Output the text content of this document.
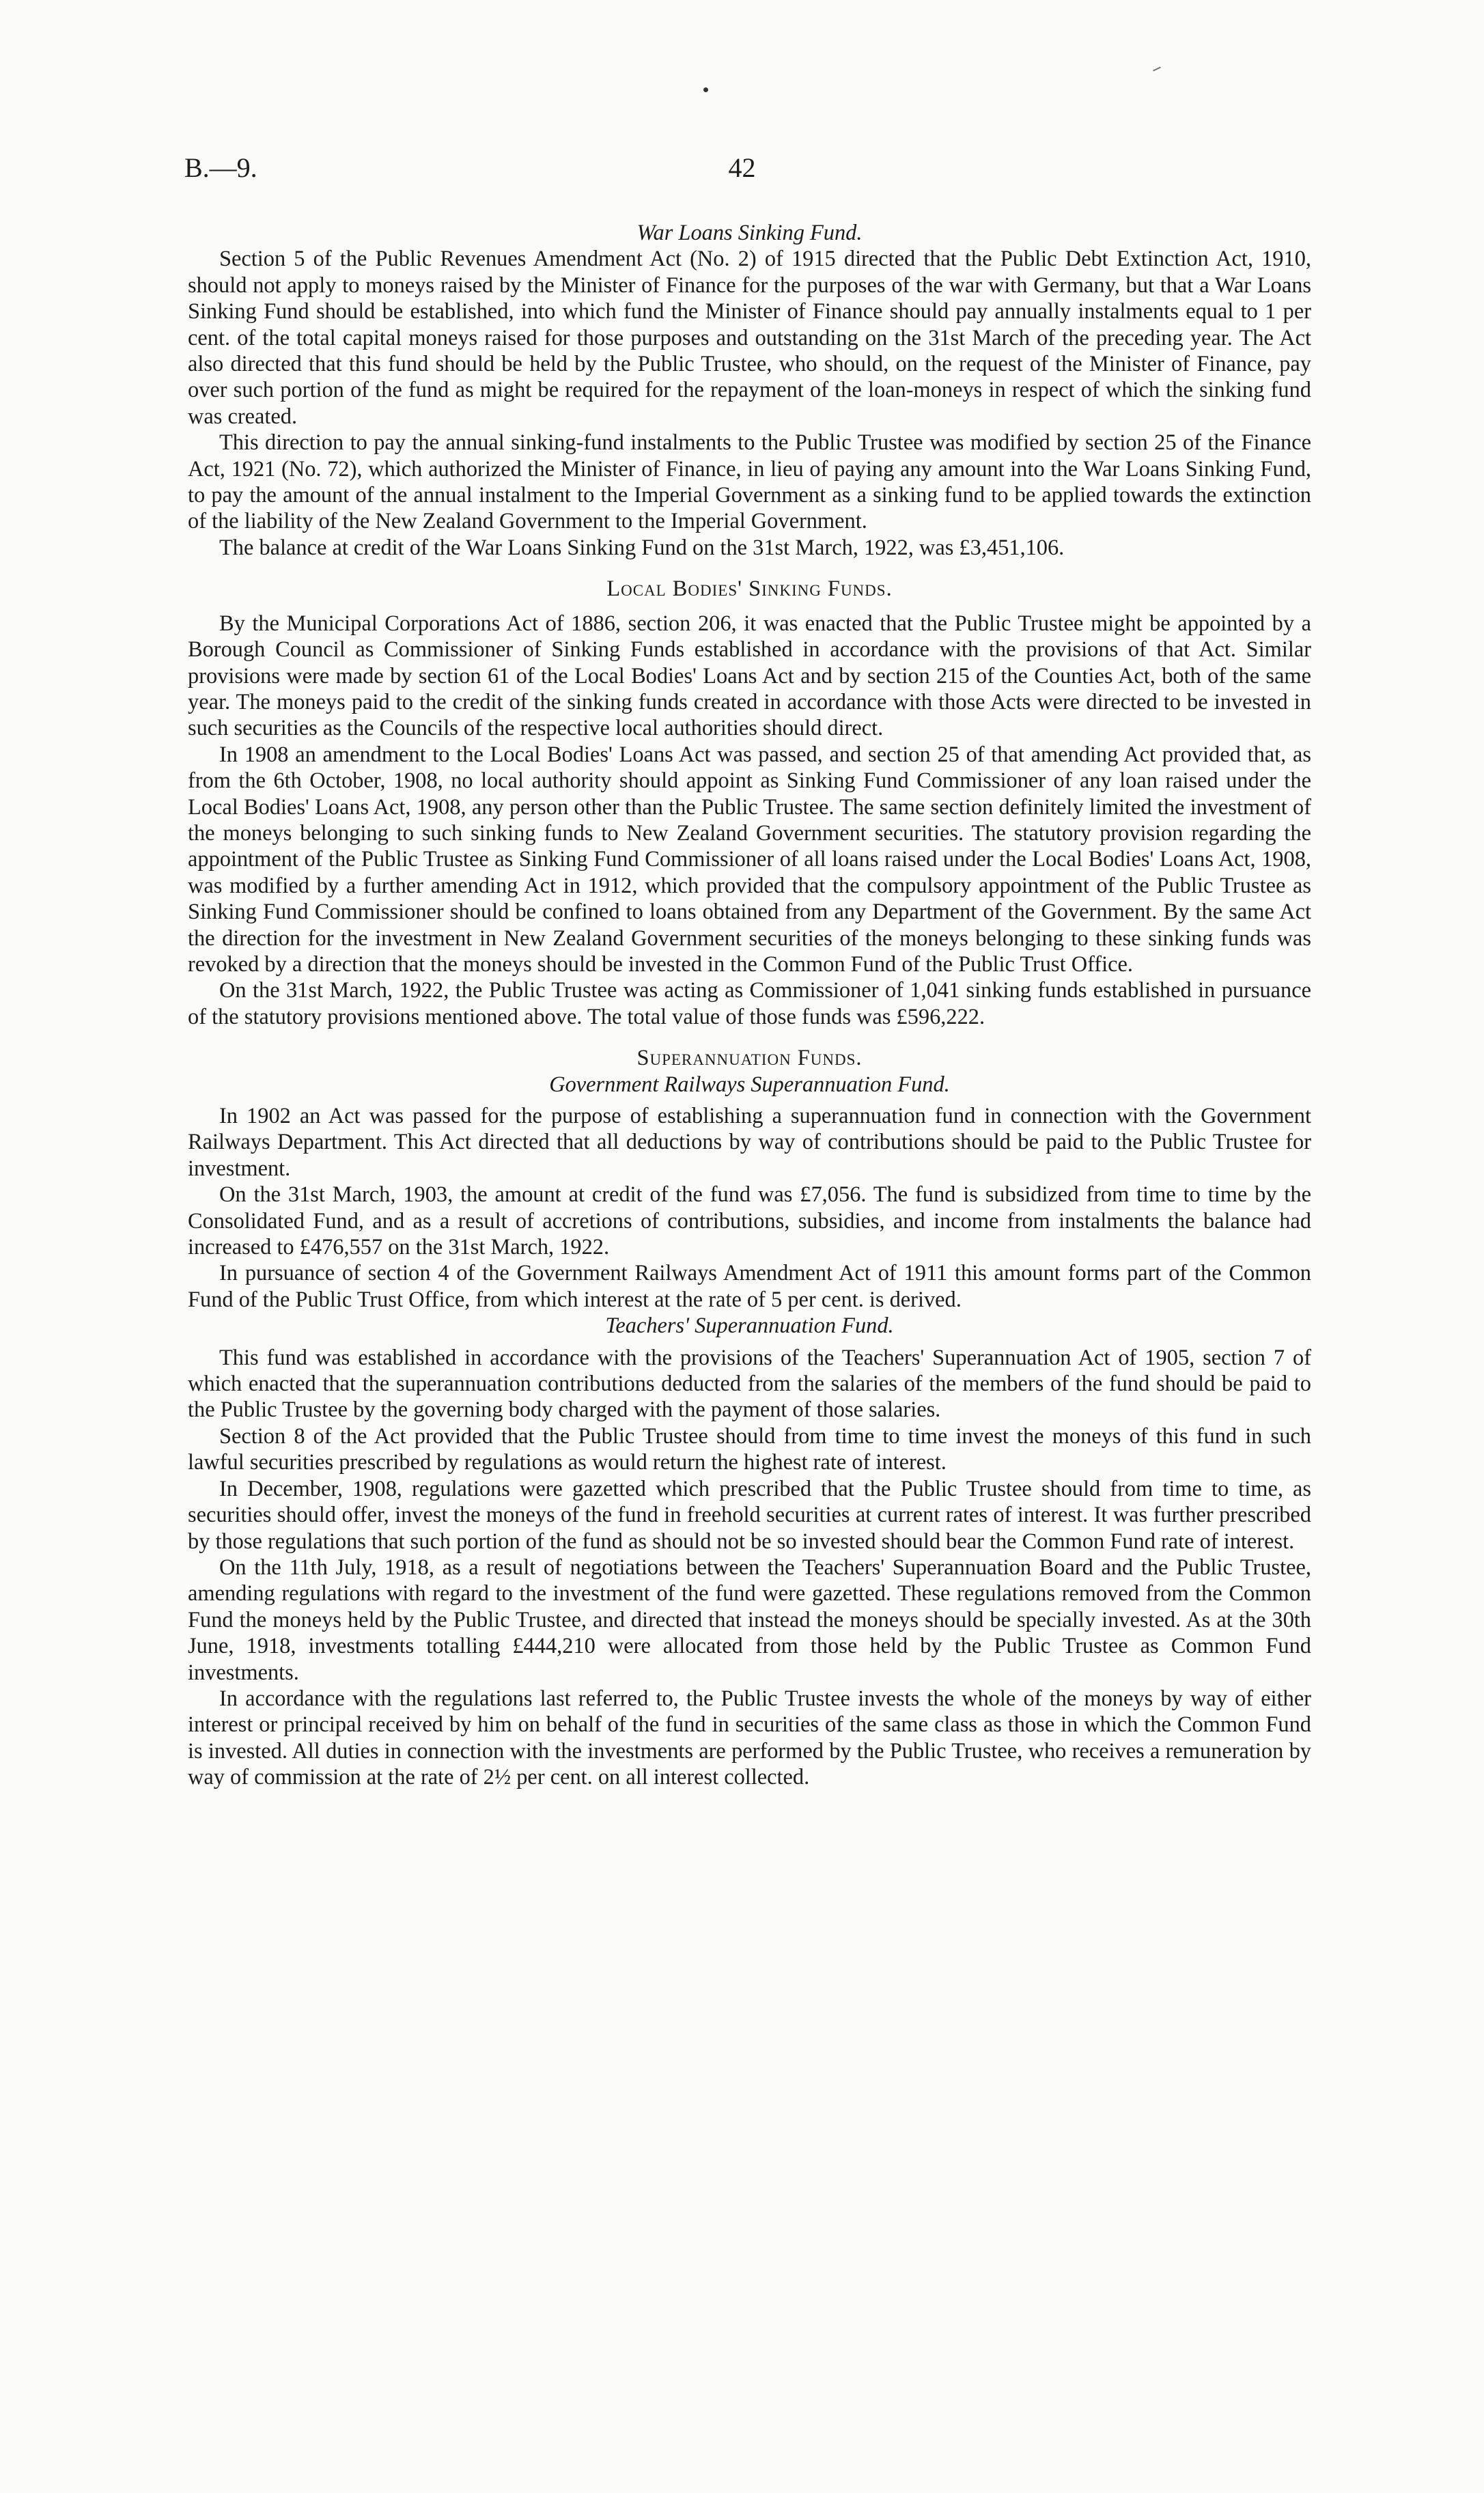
B.—9.	42
War Loans Sinking Fund.

Section 5 of the Public Revenues Amendment Act (No. 2) of 1915 directed that the Public Debt Extinction Act, 1910, should not apply to moneys raised by the Minister of Finance for the purposes of the war with Germany, but that a War Loans Sinking Fund should be established, into which fund the Minister of Finance should pay annually instalments equal to 1 per cent. of the total capital moneys raised for those purposes and outstanding on the 31st March of the preceding year. The Act also directed that this fund should be held by the Public Trustee, who should, on the request of the Minister of Finance, pay over such portion of the fund as might be required for the repayment of the loan-moneys in respect of which the sinking fund was created.

This direction to pay the annual sinking-fund instalments to the Public Trustee was modified by section 25 of the Finance Act, 1921 (No. 72), which authorized the Minister of Finance, in lieu of paying any amount into the War Loans Sinking Fund, to pay the amount of the annual instalment to the Imperial Government as a sinking fund to be applied towards the extinction of the liability of the New Zealand Government to the Imperial Government.

The balance at credit of the War Loans Sinking Fund on the 31st March, 1922, was £3,451,106.

Local Bodies' Sinking Funds.

By the Municipal Corporations Act of 1886, section 206, it was enacted that the Public Trustee might be appointed by a Borough Council as Commissioner of Sinking Funds established in accordance with the provisions of that Act. Similar provisions were made by section 61 of the Local Bodies' Loans Act and by section 215 of the Counties Act, both of the same year. The moneys paid to the credit of the sinking funds created in accordance with those Acts were directed to be invested in such securities as the Councils of the respective local authorities should direct.

In 1908 an amendment to the Local Bodies' Loans Act was passed, and section 25 of that amending Act provided that, as from the 6th October, 1908, no local authority should appoint as Sinking Fund Commissioner of any loan raised under the Local Bodies' Loans Act, 1908, any person other than the Public Trustee. The same section definitely limited the investment of the moneys belonging to such sinking funds to New Zealand Government securities. The statutory provision regarding the appointment of the Public Trustee as Sinking Fund Commissioner of all loans raised under the Local Bodies' Loans Act, 1908, was modified by a further amending Act in 1912, which provided that the compulsory appointment of the Public Trustee as Sinking Fund Commissioner should be confined to loans obtained from any Department of the Government. By the same Act the direction for the investment in New Zealand Government securities of the moneys belonging to these sinking funds was revoked by a direction that the moneys should be invested in the Common Fund of the Public Trust Office.

On the 31st March, 1922, the Public Trustee was acting as Commissioner of 1,041 sinking funds established in pursuance of the statutory provisions mentioned above. The total value of those funds was £596,222.

Superannuation Funds.
Government Railways Superannuation Fund.

In 1902 an Act was passed for the purpose of establishing a superannuation fund in connection with the Government Railways Department. This Act directed that all deductions by way of contributions should be paid to the Public Trustee for investment.

On the 31st March, 1903, the amount at credit of the fund was £7,056. The fund is subsidized from time to time by the Consolidated Fund, and as a result of accretions of contributions, subsidies, and income from instalments the balance had increased to £476,557 on the 31st March, 1922.

In pursuance of section 4 of the Government Railways Amendment Act of 1911 this amount forms part of the Common Fund of the Public Trust Office, from which interest at the rate of 5 per cent. is derived.

Teachers' Superannuation Fund.

This fund was established in accordance with the provisions of the Teachers' Superannuation Act of 1905, section 7 of which enacted that the superannuation contributions deducted from the salaries of the members of the fund should be paid to the Public Trustee by the governing body charged with the payment of those salaries.

Section 8 of the Act provided that the Public Trustee should from time to time invest the moneys of this fund in such lawful securities prescribed by regulations as would return the highest rate of interest.

In December, 1908, regulations were gazetted which prescribed that the Public Trustee should from time to time, as securities should offer, invest the moneys of the fund in freehold securities at current rates of interest. It was further prescribed by those regulations that such portion of the fund as should not be so invested should bear the Common Fund rate of interest.

On the 11th July, 1918, as a result of negotiations between the Teachers' Superannuation Board and the Public Trustee, amending regulations with regard to the investment of the fund were gazetted. These regulations removed from the Common Fund the moneys held by the Public Trustee, and directed that instead the moneys should be specially invested. As at the 30th June, 1918, investments totalling £444,210 were allocated from those held by the Public Trustee as Common Fund investments.

In accordance with the regulations last referred to, the Public Trustee invests the whole of the moneys by way of either interest or principal received by him on behalf of the fund in securities of the same class as those in which the Common Fund is invested. All duties in connection with the investments are performed by the Public Trustee, who receives a remuneration by way of commission at the rate of 2½ per cent. on all interest collected.
